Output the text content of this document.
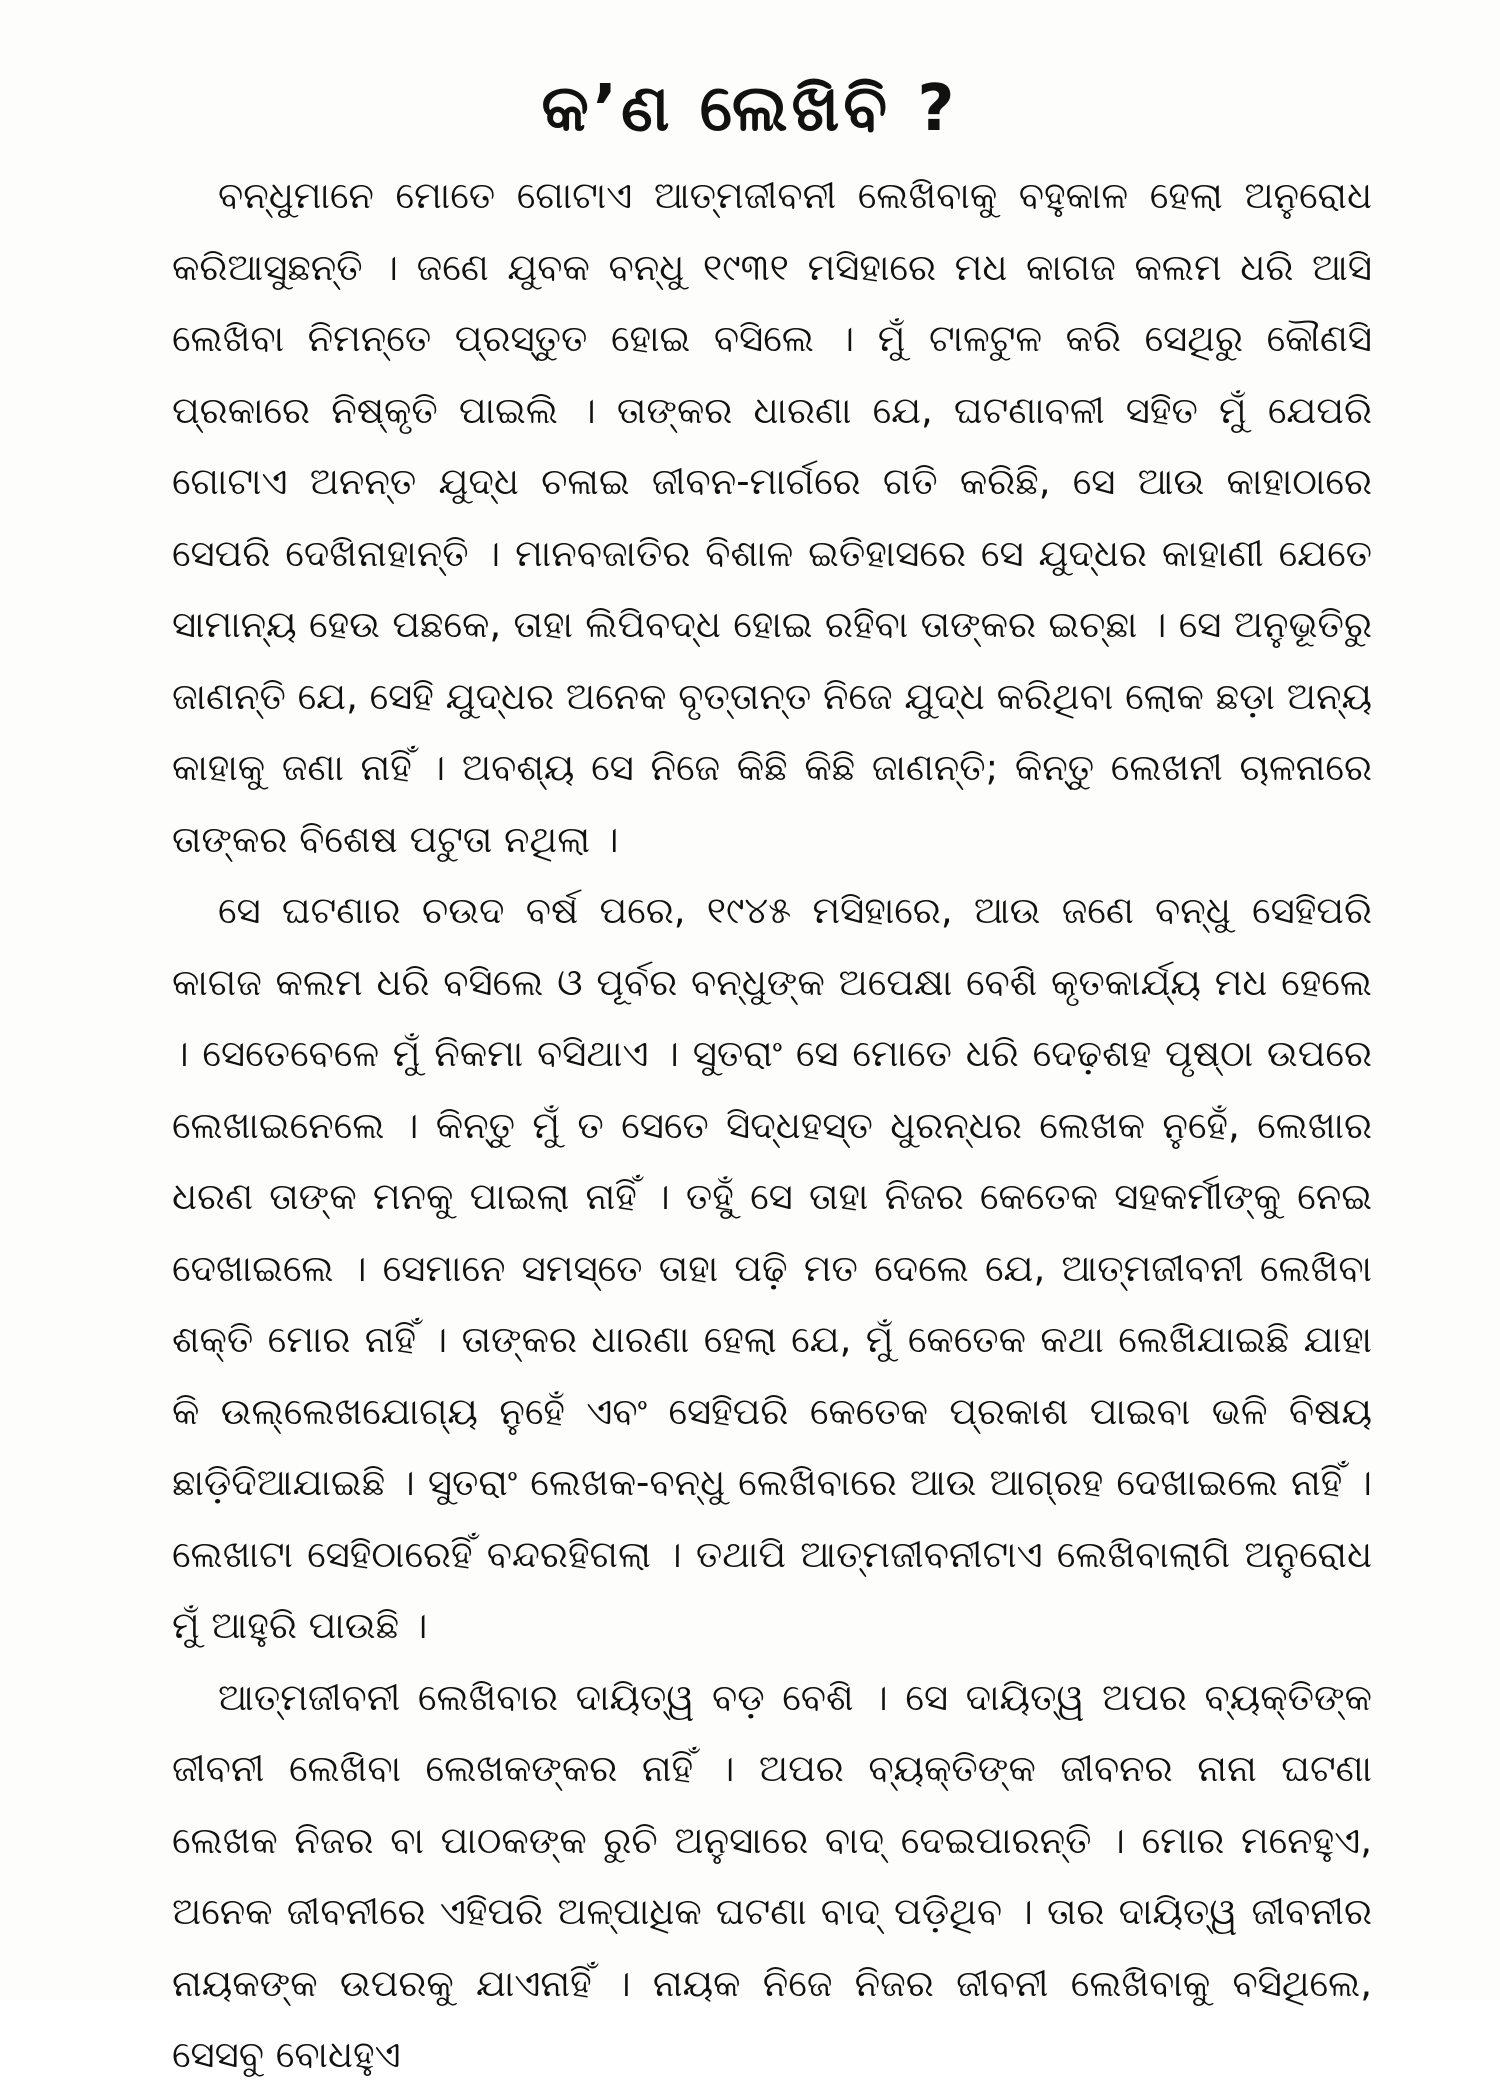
କ’ଣ ଲେଖିବି ?

ବନ୍ଧୁମାନେ ମୋତେ ଗୋଟାଏ ଆତ୍ମଜୀବନୀ ଲେଖିବାକୁ ବହୁକାଳ ହେଲା ଅନୁରୋଧ କରିଆସୁଛନ୍ତି । ଜଣେ ଯୁବକ ବନ୍ଧୁ ୧୯୩୧ ମସିହାରେ ମଧ କାଗଜ କଲମ ଧରି ଆସି ଲେଖିବା ନିମନ୍ତେ ପ୍ରସ୍ତୁତ ହୋଇ ବସିଲେ । ମୁଁ ଟାଳଟୁଳ କରି ସେଥିରୁ କୌଣସି ପ୍ରକାରେ ନିଷ୍କୃତି ପାଇଲି । ତାଙ୍କର ଧାରଣା ଯେ, ଘଟଣାବଳୀ ସହିତ ମୁଁ ଯେପରି ଗୋଟାଏ ଅନନ୍ତ ଯୁଦ୍ଧ ଚଳାଇ ଜୀବନ-ମାର୍ଗରେ ଗତି କରିଛି, ସେ ଆଉ କାହାଠାରେ ସେପରି ଦେଖିନାହାନ୍ତି । ମାନବଜାତିର ବିଶାଳ ଇତିହାସରେ ସେ ଯୁଦ୍ଧର କାହାଣୀ ଯେତେ ସାମାନ୍ୟ ହେଉ ପଛକେ, ତାହା ଲିପିବଦ୍ଧ ହୋଇ ରହିବା ତାଙ୍କର ଇଚ୍ଛା । ସେ ଅନୁଭୂତିରୁ ଜାଣନ୍ତି ଯେ, ସେହି ଯୁଦ୍ଧର ଅନେକ ବୃତ୍ତାନ୍ତ ନିଜେ ଯୁଦ୍ଧ କରିଥିବା ଲୋକ ଛଡ଼ା ଅନ୍ୟ କାହାକୁ ଜଣା ନାହିଁ । ଅବଶ୍ୟ ସେ ନିଜେ କିଛି କିଛି ଜାଣନ୍ତି; କିନ୍ତୁ ଲେଖନୀ ଚାଳନାରେ ତାଙ୍କର ବିଶେଷ ପଟୁତା ନଥିଲା ।

ସେ ଘଟଣାର ଚଉଦ ବର୍ଷ ପରେ, ୧୯୪୫ ମସିହାରେ, ଆଉ ଜଣେ ବନ୍ଧୁ ସେହିପରି କାଗଜ କଲମ ଧରି ବସିଲେ ଓ ପୂର୍ବର ବନ୍ଧୁଙ୍କ ଅପେକ୍ଷା ବେଶି କୃତକାର୍ଯ୍ୟ ମଧ ହେଲେ । ସେତେବେଳେ ମୁଁ ନିକମା ବସିଥାଏ । ସୁତରାଂ ସେ ମୋତେ ଧରି ଦେଢ଼ଶହ ପୃଷ୍ଠା ଉପରେ ଲେଖାଇନେଲେ । କିନ୍ତୁ ମୁଁ ତ ସେତେ ସିଦ୍ଧହସ୍ତ ଧୁରନ୍ଧର ଲେଖକ ନୁହେଁ, ଲେଖାର ଧରଣ ତାଙ୍କ ମନକୁ ପାଇଲା ନାହିଁ । ତହୁଁ ସେ ତାହା ନିଜର କେତେକ ସହକର୍ମୀଙ୍କୁ ନେଇ ଦେଖାଇଲେ । ସେମାନେ ସମସ୍ତେ ତାହା ପଢ଼ି ମତ ଦେଲେ ଯେ, ଆତ୍ମଜୀବନୀ ଲେଖିବା ଶକ୍ତି ମୋର ନାହିଁ । ତାଙ୍କର ଧାରଣା ହେଲା ଯେ, ମୁଁ କେତେକ କଥା ଲେଖିଯାଇଛି ଯାହା କି ଉଲ୍ଲେଖଯୋଗ୍ୟ ନୁହେଁ ଏବଂ ସେହିପରି କେତେକ ପ୍ରକାଶ ପାଇବା ଭଳି ବିଷୟ ଛାଡ଼ିଦିଆଯାଇଛି । ସୁତରାଂ ଲେଖକ-ବନ୍ଧୁ ଲେଖିବାରେ ଆଉ ଆଗ୍ରହ ଦେଖାଇଲେ ନାହିଁ । ଲେଖାଟା ସେହିଠାରେହିଁ ବନ୍ଦରହିଗଲା । ତଥାପି ଆତ୍ମଜୀବନୀଟାଏ ଲେଖିବାଲାଗି ଅନୁରୋଧ ମୁଁ ଆହୁରି ପାଉଛି ।

ଆତ୍ମଜୀବନୀ ଲେଖିବାର ଦାୟିତ୍ୱ ବଡ଼ ବେଶି । ସେ ଦାୟିତ୍ୱ ଅପର ବ୍ୟକ୍ତିଙ୍କ ଜୀବନୀ ଲେଖିବା ଲେଖକଙ୍କର ନାହିଁ । ଅପର ବ୍ୟକ୍ତିଙ୍କ ଜୀବନର ନାନା ଘଟଣା ଲେଖକ ନିଜର ବା ପାଠକଙ୍କ ରୁଚି ଅନୁସାରେ ବାଦ୍ ଦେଇପାରନ୍ତି । ମୋର ମନେହୁଏ, ଅନେକ ଜୀବନୀରେ ଏହିପରି ଅଳ୍ପାଧିକ ଘଟଣା ବାଦ୍ ପଡ଼ିଥିବ । ତାର ଦାୟିତ୍ୱ ଜୀବନୀର ନାୟକଙ୍କ ଉପରକୁ ଯାଏନାହିଁ । ନାୟକ ନିଜେ ନିଜର ଜୀବନୀ ଲେଖିବାକୁ ବସିଥିଲେ, ସେସବୁ ବୋଧହୁଏ
